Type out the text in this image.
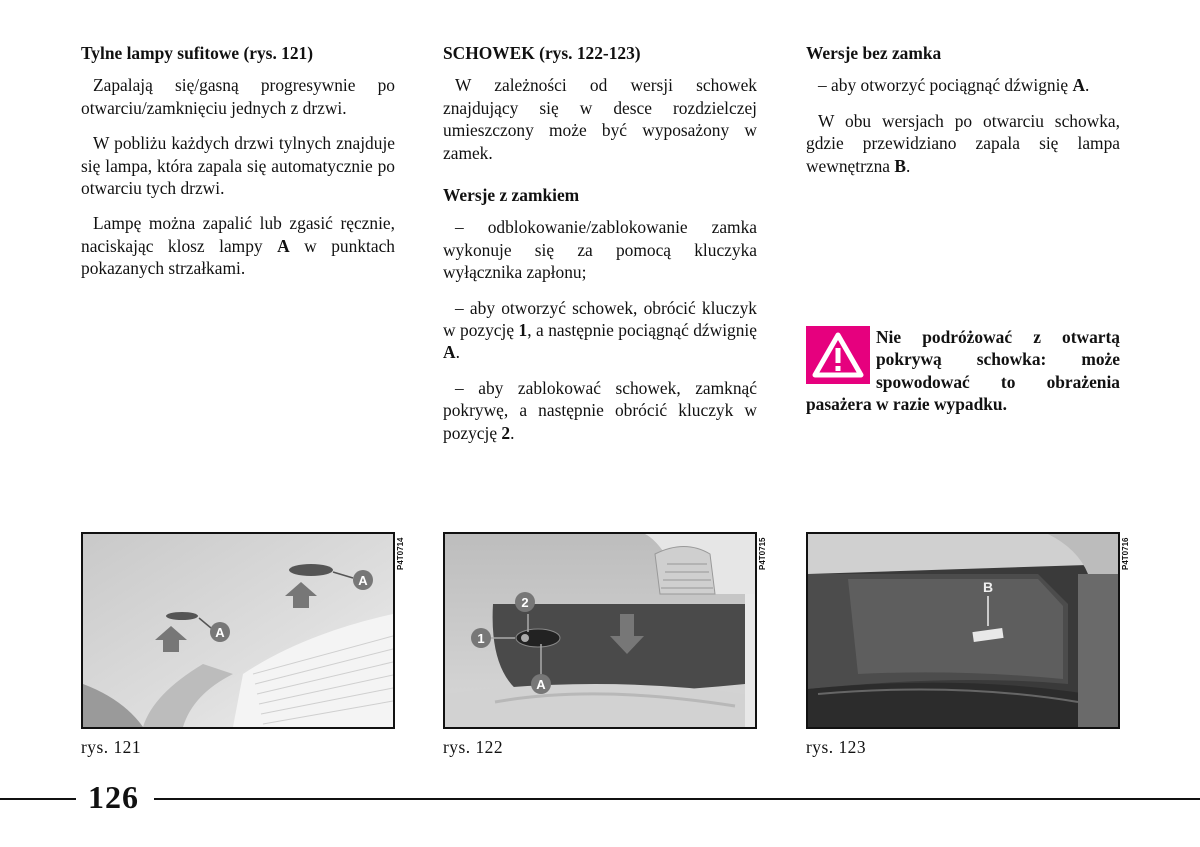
Tylne lampy sufitowe (rys. 121)

Zapalają się/gasną progresywnie po otwarciu/zamknięciu jednych z drzwi.

W pobliżu każdych drzwi tylnych znajduje się lampa, która zapala się automatycznie po otwarciu tych drzwi.

Lampę można zapalić lub zgasić ręcznie, naciskając klosz lampy A w punktach pokazanych strzałkami.

SCHOWEK (rys. 122-123)

W zależności od wersji schowek znajdujący się w desce rozdzielczej umieszczony może być wyposażony w zamek.

Wersje z zamkiem

– odblokowanie/zablokowanie zamka wykonuje się za pomocą kluczyka wyłącznika zapłonu;

– aby otworzyć schowek, obrócić kluczyk w pozycję 1, a następnie pociągnąć dźwignię A.

– aby zablokować schowek, zamknąć pokrywę, a następnie obrócić kluczyk w pozycję 2.

Wersje bez zamka

– aby otworzyć pociągnąć dźwignię A.

W obu wersjach po otwarciu schowka, gdzie przewidziano zapala się lampa wewnętrzna B.

Nie podróżować z otwartą pokrywą schowka: może spowodować to obrażenia pasażera w razie wypadku.
A
A
P4T0714
rys. 121
2
1
A
P4T0715
rys. 122
B
P4T0716
rys. 123
126
